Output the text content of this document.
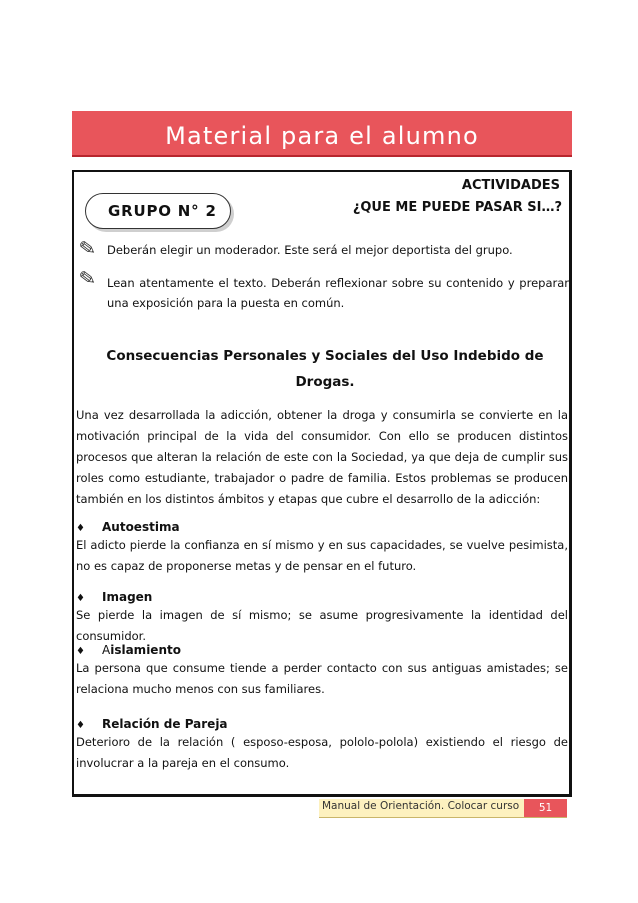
Material para el alumno
GRUPO N° 2
ACTIVIDADES
¿QUE ME PUEDE PASAR SI…?
✎ Deberán elegir un moderador. Este será el mejor deportista del grupo.
✎ Lean atentamente el texto. Deberán reflexionar sobre su contenido y preparar una exposición para la puesta en común.
Consecuencias Personales y Sociales del Uso Indebido de
Drogas.
Una vez desarrollada la adicción, obtener la droga y consumirla se convierte en la motivación principal de la vida del consumidor. Con ello se producen distintos procesos que alteran la relación de este con la Sociedad, ya que deja de cumplir sus roles como estudiante, trabajador o padre de familia. Estos problemas se producen también en los distintos ámbitos y etapas que cubre el desarrollo de la adicción:
♦ Autoestima
El adicto pierde la confianza en sí mismo y en sus capacidades, se vuelve pesimista, no es capaz de proponerse metas y de pensar en el futuro.
♦ Imagen
Se pierde la imagen de sí mismo; se asume progresivamente la identidad del consumidor.
♦ Aislamiento
La persona que consume tiende a perder contacto con sus antiguas amistades; se relaciona mucho menos con sus familiares.
♦ Relación de Pareja
Deterioro de la relación ( esposo-esposa, pololo-polola) existiendo el riesgo de involucrar a la pareja en el consumo.
Manual de Orientación. Colocar curso	51
